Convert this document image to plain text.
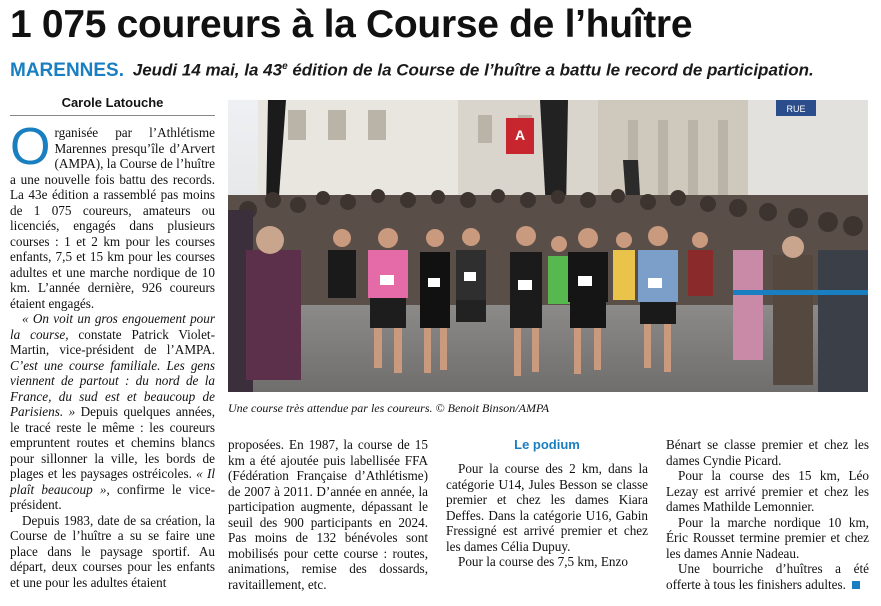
1 075 coureurs à la Course de l’huître
MARENNES. Jeudi 14 mai, la 43e édition de la Course de l’huître a battu le record de participation.
Carole Latouche

Organisée par l’Athlétisme Marennes presqu’île d’Arvert (AMPA), la Course de l’huître a une nouvelle fois battu des records. La 43e édition a rassemblé pas moins de 1 075 coureurs, amateurs ou licenciés, engagés dans plusieurs courses : 1 et 2 km pour les courses enfants, 7,5 et 15 km pour les courses adultes et une marche nordique de 10 km. L’année dernière, 926 coureurs étaient engagés.

« On voit un gros engouement pour la course, constate Patrick Violet-Martin, vice-président de l’AMPA. C’est une course familiale. Les gens viennent de partout : du nord de la France, du sud est et beaucoup de Parisiens. » Depuis quelques années, le tracé reste le même : les coureurs empruntent routes et chemins blancs pour sillonner la ville, les bords de plages et les paysages ostréicoles. « Il plaît beaucoup », confirme le vice-président.

Depuis 1983, date de sa création, la Course de l’huître a su se faire une place dans le paysage sportif. Au départ, deux courses pour les enfants et une pour les adultes étaient

RUE
A
Une course très attendue par les coureurs. © Benoit Binson/AMPA

proposées. En 1987, la course de 15 km a été ajoutée puis labellisée FFA (Fédération Française d’Athlétisme) de 2007 à 2011. D’année en année, la participation augmente, dépassant le seuil des 900 participants en 2024. Pas moins de 132 bénévoles sont mobilisés pour cette course : routes, animations, remise des dossards, ravitaillement, etc.

Le podium

Pour la course des 2 km, dans la catégorie U14, Jules Besson se classe premier et chez les dames Kiara Deffes. Dans la catégorie U16, Gabin Fressigné est arrivé premier et chez les dames Célia Dupuy.

Pour la course des 7,5 km, Enzo

Bénart se classe premier et chez les dames Cyndie Picard.

Pour la course des 15 km, Léo Lezay est arrivé premier et chez les dames Mathilde Lemonnier.

Pour la marche nordique 10 km, Éric Rousset termine premier et chez les dames Annie Nadeau.

Une bourriche d’huîtres a été offerte à tous les finishers adultes.
